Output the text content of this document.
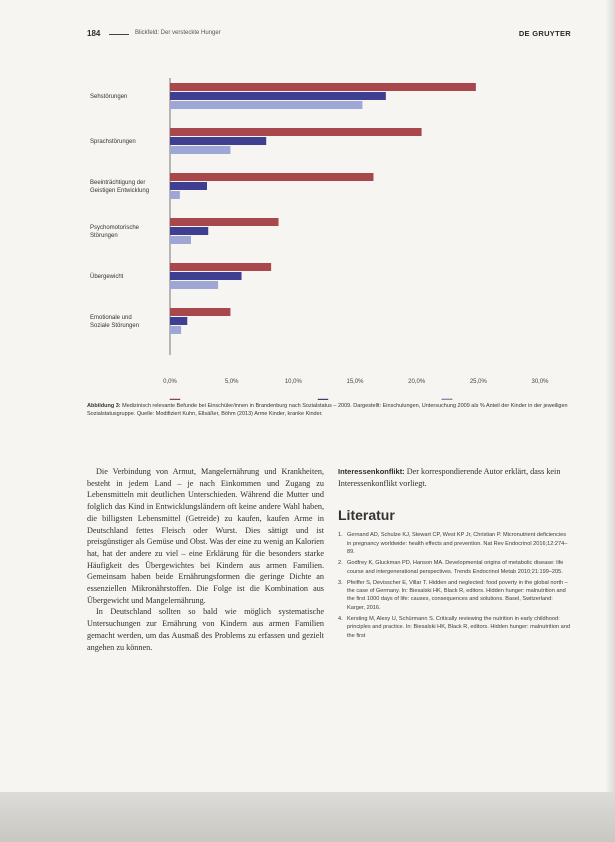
184	Blickfeld: Der versteckte Hunger	DE GRUYTER
Sehstörungen
Sprachstörungen
Beeinträchtigung der Geistigen Entwicklung
Psychomotorische Störungen
Übergewicht
Emotionale und Soziale Störungen
0,0%	5,0%	10,0%	15,0%	20,0%	25,0%	30,0%
Abbildung 3: Medizinisch relevante Befunde bei Einschüler/innen in Brandenburg nach Sozialstatus – 2009. Dargestellt: Einschulungen, Untersuchung 2009 als % Anteil der Kinder in der jeweiligen Sozialstatusgruppe. Quelle: Modifiziert Kuhn, Ellsäßer, Böhm (2013) Arme Kinder, kranke Kinder.

Die Verbindung von Armut, Mangelernährung und Krankheiten, besteht in jedem Land – je nach Einkommen und Zugang zu Lebensmitteln mit deutlichen Unterschieden. Während die Mutter und folglich das Kind in Entwicklungsländern oft keine andere Wahl haben, die billigsten Lebensmittel (Getreide) zu kaufen, kaufen Arme in Deutschland fettes Fleisch oder Wurst. Dies sättigt und ist preisgünstiger als Gemüse und Obst. Was der eine zu wenig an Kalorien hat, hat der andere zu viel – eine Erklärung für die besonders starke Häufigkeit des Übergewichtes bei Kindern aus armen Familien. Gemeinsam haben beide Ernährungsformen die geringe Dichte an essenziellen Mikronährstoffen. Die Folge ist die Kombination aus Übergewicht und Mangelernährung.

In Deutschland sollten so bald wie möglich systematische Untersuchungen zur Ernährung von Kindern aus armen Familien gemacht werden, um das Ausmaß des Problems zu erfassen und gezielt angehen zu können.

Interessenkonflikt: Der korrespondierende Autor erklärt, dass kein Interessenkonflikt vorliegt.
Literatur
1. Gernand AD, Schulze KJ, Stewart CP, West KP Jr, Christian P. Micronutrient deficiencies in pregnancy worldwide: health effects and prevention. Nat Rev Endocrinol 2016;12:274–89.
2. Godfrey K, Gluckman PD, Hanson MA. Developmental origins of metabolic disease: life course and intergenerational perspectives. Trends Endocrinol Metab 2010;21:199–205.
3. Pfeiffer S, Devisscher E, Villar T. Hidden and neglected: food poverty in the global north – the case of Germany. In: Biesalski HK, Black R, editors. Hidden hunger: malnutrition and the first 1000 days of life: causes, consequences and solutions. Basel, Switzerland: Karger, 2016.
4. Kersting M, Alexy U, Schürmann S. Critically reviewing the nutrition in early childhood: principles and practice. In: Biesalski HK, Black R, editors. Hidden hunger: malnutrition and the first
